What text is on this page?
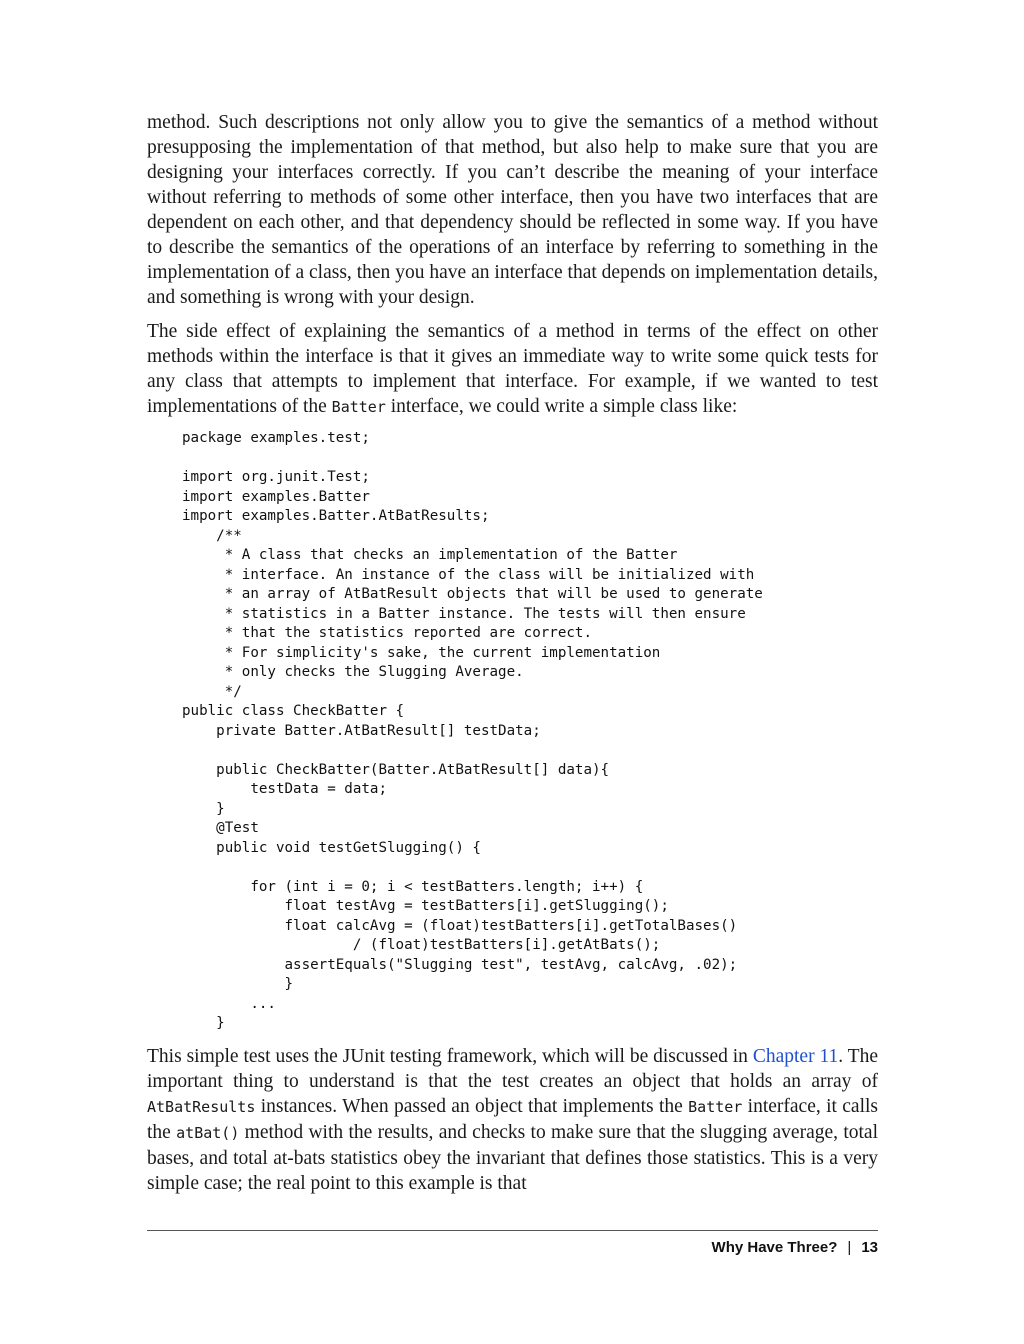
method. Such descriptions not only allow you to give the semantics of a method without presupposing the implementation of that method, but also help to make sure that you are designing your interfaces correctly. If you can’t describe the meaning of your interface without referring to methods of some other interface, then you have two interfaces that are dependent on each other, and that dependency should be reflected in some way. If you have to describe the semantics of the operations of an interface by referring to something in the implementation of a class, then you have an interface that depends on implementation details, and something is wrong with your design.

The side effect of explaining the semantics of a method in terms of the effect on other methods within the interface is that it gives an immediate way to write some quick tests for any class that attempts to implement that interface. For example, if we wanted to test implementations of the Batter interface, we could write a simple class like:

package examples.test;

import org.junit.Test;
import examples.Batter
import examples.Batter.AtBatResults;
/**
* A class that checks an implementation of the Batter
* interface. An instance of the class will be initialized with
* an array of AtBatResult objects that will be used to generate
* statistics in a Batter instance. The tests will then ensure
* that the statistics reported are correct.
* For simplicity's sake, the current implementation
* only checks the Slugging Average.
*/
public class CheckBatter {
private Batter.AtBatResult[] testData;

public CheckBatter(Batter.AtBatResult[] data){
testData = data;
}
@Test
public void testGetSlugging() {

for (int i = 0; i < testBatters.length; i++) {
float testAvg = testBatters[i].getSlugging();
float calcAvg = (float)testBatters[i].getTotalBases()
/ (float)testBatters[i].getAtBats();
assertEquals("Slugging test", testAvg, calcAvg, .02);
}
...
}

This simple test uses the JUnit testing framework, which will be discussed in Chapter 11. The important thing to understand is that the test creates an object that holds an array of AtBatResults instances. When passed an object that implements the Batter interface, it calls the atBat() method with the results, and checks to make sure that the slugging average, total bases, and total at-bats statistics obey the invariant that defines those statistics. This is a very simple case; the real point to this example is that

Why Have Three? | 13
